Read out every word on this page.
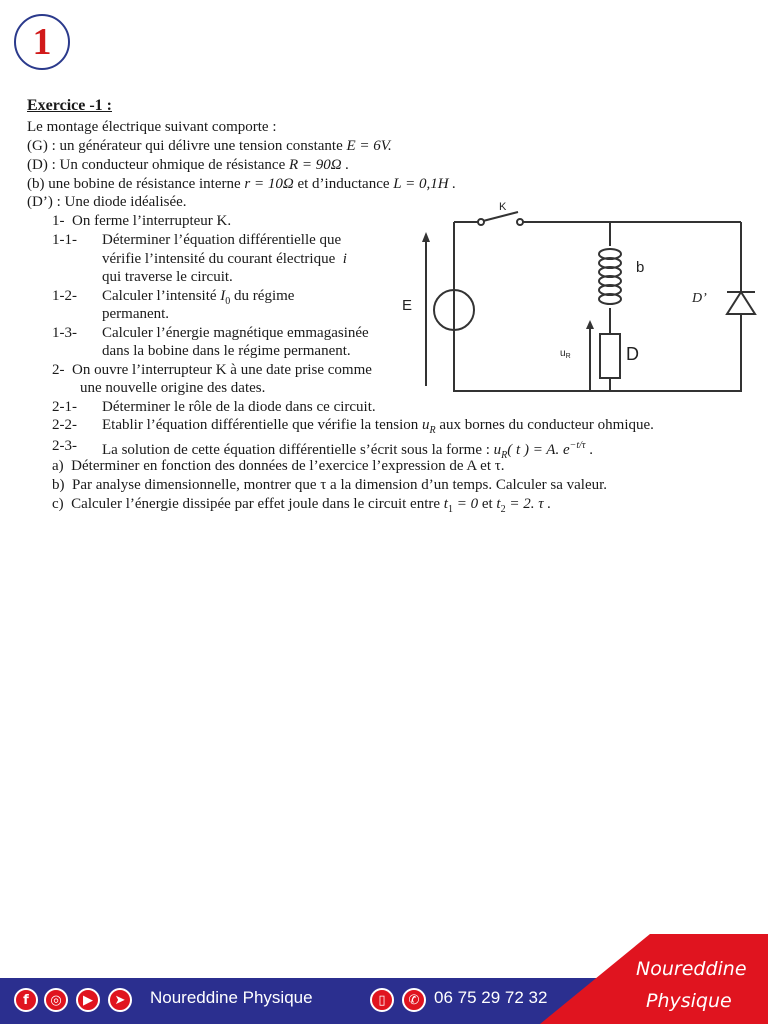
1
Exercice -1 :
Le montage électrique suivant comporte :
(G) : un générateur qui délivre une tension constante E = 6V.
(D) : Un conducteur ohmique de résistance R = 90Ω .
(b) une bobine de résistance interne r = 10Ω et d’inductance L = 0,1H .
(D’) : Une diode idéalisée.
1- On ferme l’interrupteur K.
1-1- Déterminer l’équation différentielle que
vérifie l’intensité du courant électrique i
qui traverse le circuit.
1-2- Calculer l’intensité $I_0$ du régime
permanent.
1-3- Calculer l’énergie magnétique emmagasinée
dans la bobine dans le régime permanent.
2- On ouvre l’interrupteur K à une date prise comme
une nouvelle origine des dates.
2-1- Déterminer le rôle de la diode dans ce circuit.
2-2- Etablir l’équation différentielle que vérifie la tension $u_R$ aux bornes du conducteur ohmique.
2-3- La solution de cette équation différentielle s’écrit sous la forme : $u_R$( t ) = A. $e^{-t/\tau}$ .
a) Déterminer en fonction des données de l’exercice l’expression de A et τ.
b) Par analyse dimensionnelle, montrer que τ a la dimension d’un temps. Calculer sa valeur.
c) Calculer l’énergie dissipée par effet joule dans le circuit entre $t_1 = 0$ et $t_2 = 2$. τ .
K
E
b
D
D’
$u_R$
f	◎	▶	➤	Noureddine Physique	▯	✆ 06 75 29 72 32
Noureddine
Physique
